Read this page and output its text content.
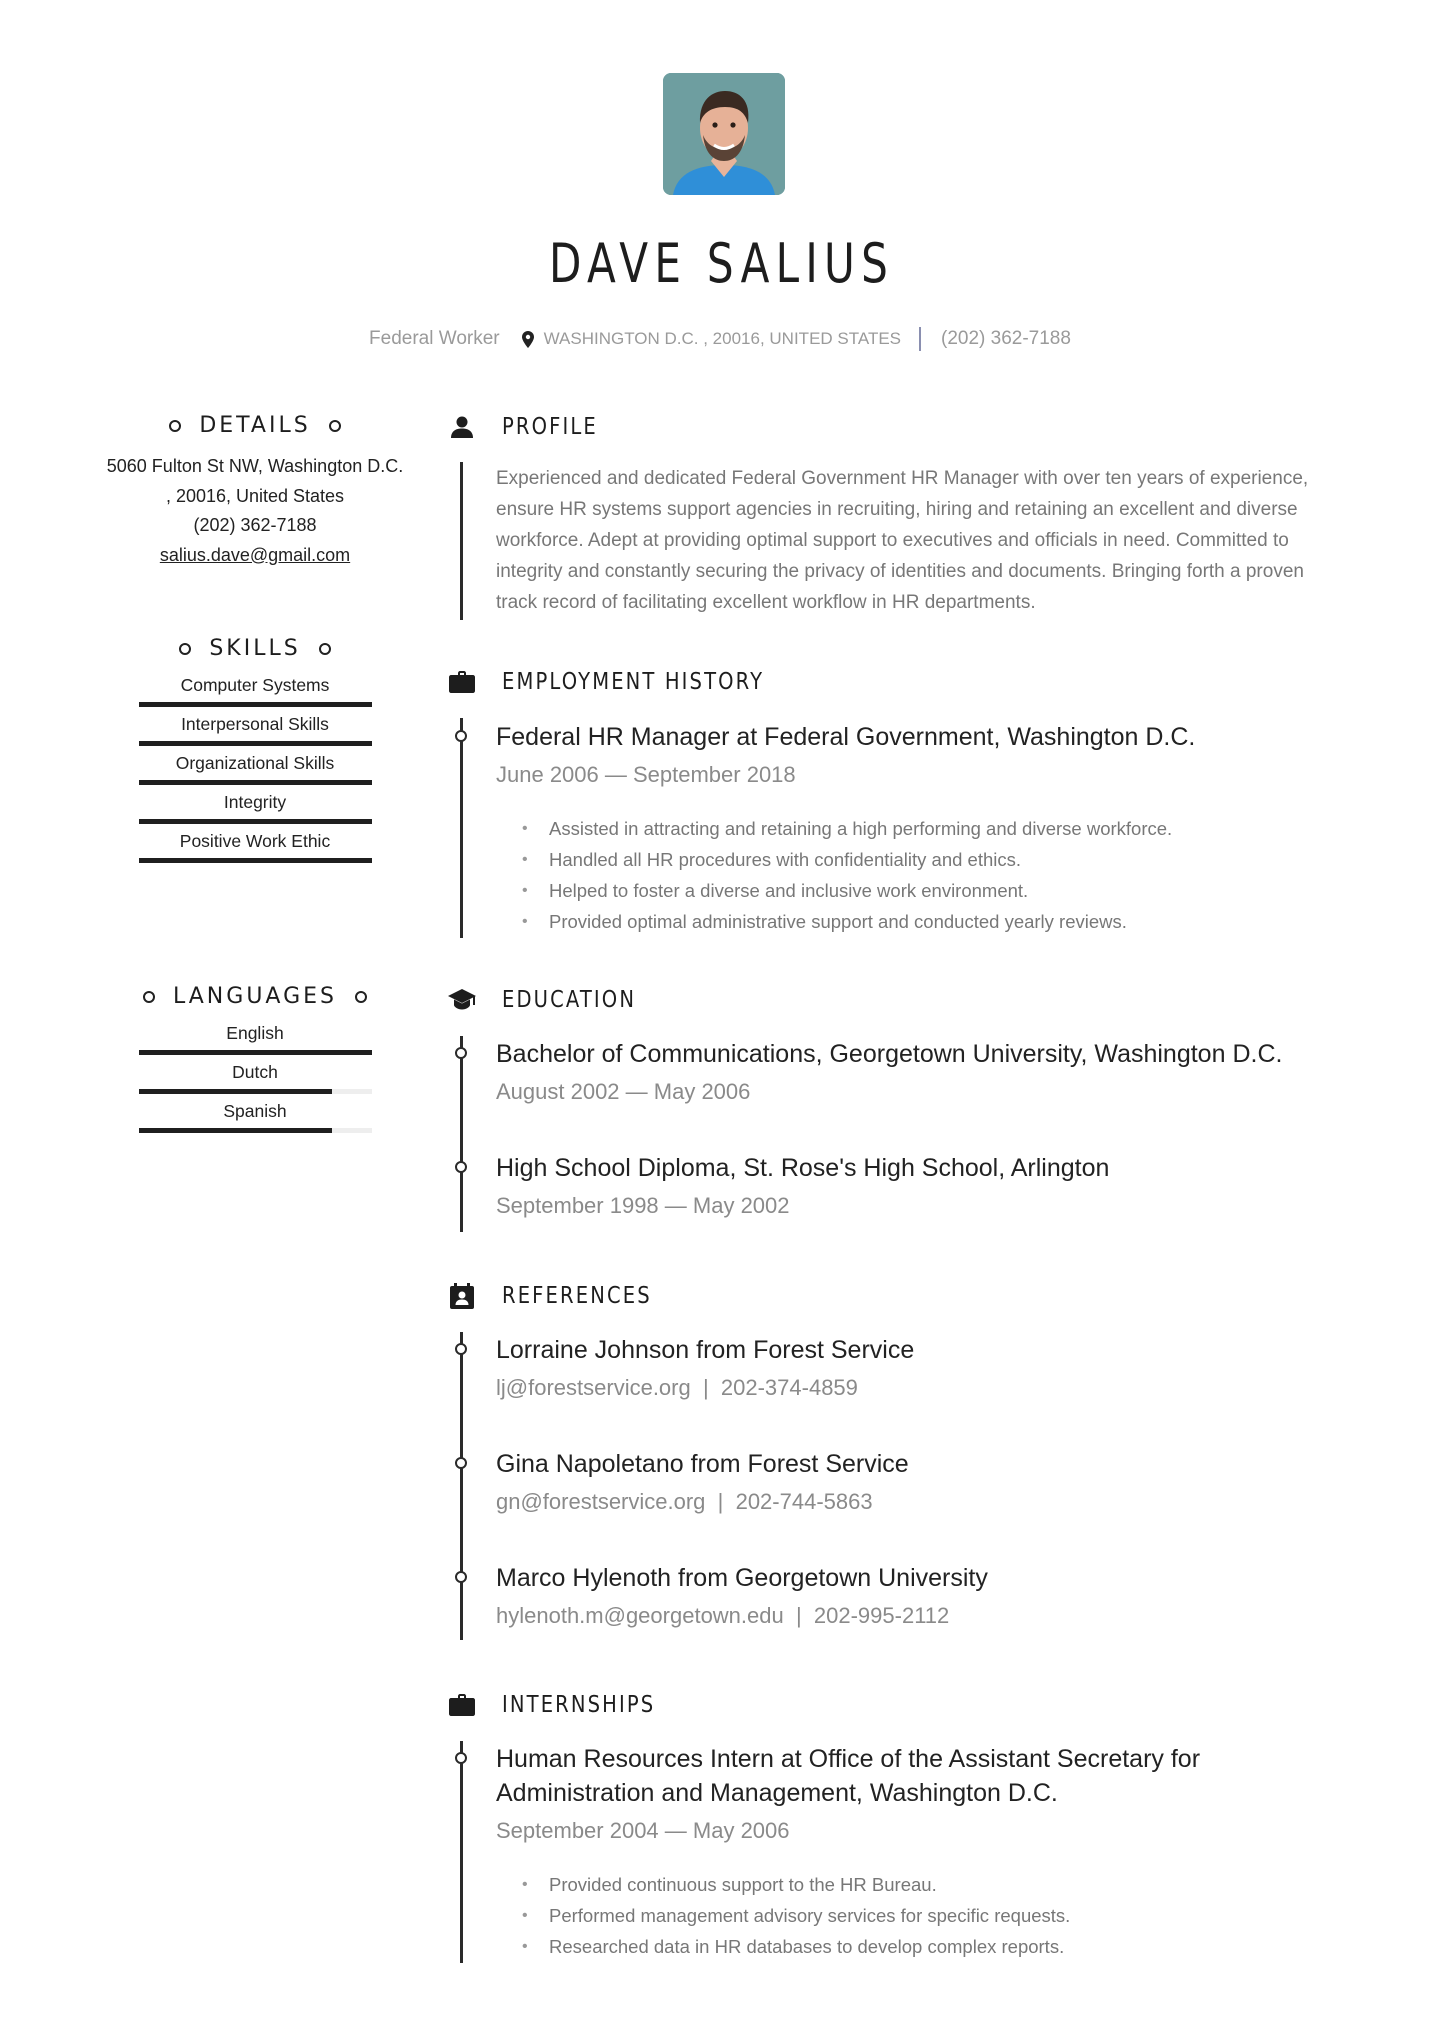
DAVE SALIUS
Federal Worker	WASHINGTON D.C. , 20016, UNITED STATES (202) 362-7188
DETAILS
5060 Fulton St NW, Washington D.C.
, 20016, United States
(202) 362-7188
salius.dave@gmail.com
SKILLS
Computer Systems
Interpersonal Skills
Organizational Skills
Integrity
Positive Work Ethic
LANGUAGES
English
Dutch
Spanish
PROFILE
Experienced and dedicated Federal Government HR Manager with over ten years of experience, ensure HR systems support agencies in recruiting, hiring and retaining an excellent and diverse workforce. Adept at providing optimal support to executives and officials in need. Committed to integrity and constantly securing the privacy of identities and documents. Bringing forth a proven track record of facilitating excellent workflow in HR departments.
EMPLOYMENT HISTORY
Federal HR Manager at Federal Government, Washington D.C.
June 2006 — September 2018
• Assisted in attracting and retaining a high performing and diverse workforce.
• Handled all HR procedures with confidentiality and ethics.
• Helped to foster a diverse and inclusive work environment.
• Provided optimal administrative support and conducted yearly reviews.
EDUCATION
Bachelor of Communications, Georgetown University, Washington D.C.
August 2002 — May 2006
High School Diploma, St. Rose's High School, Arlington
September 1998 — May 2002
REFERENCES
Lorraine Johnson from Forest Service
lj@forestservice.org  |  202-374-4859
Gina Napoletano from Forest Service
gn@forestservice.org  |  202-744-5863
Marco Hylenoth from Georgetown University
hylenoth.m@georgetown.edu  |  202-995-2112
INTERNSHIPS
Human Resources Intern at Office of the Assistant Secretary for Administration and Management, Washington D.C.
September 2004 — May 2006
• Provided continuous support to the HR Bureau.
• Performed management advisory services for specific requests.
• Researched data in HR databases to develop complex reports.
